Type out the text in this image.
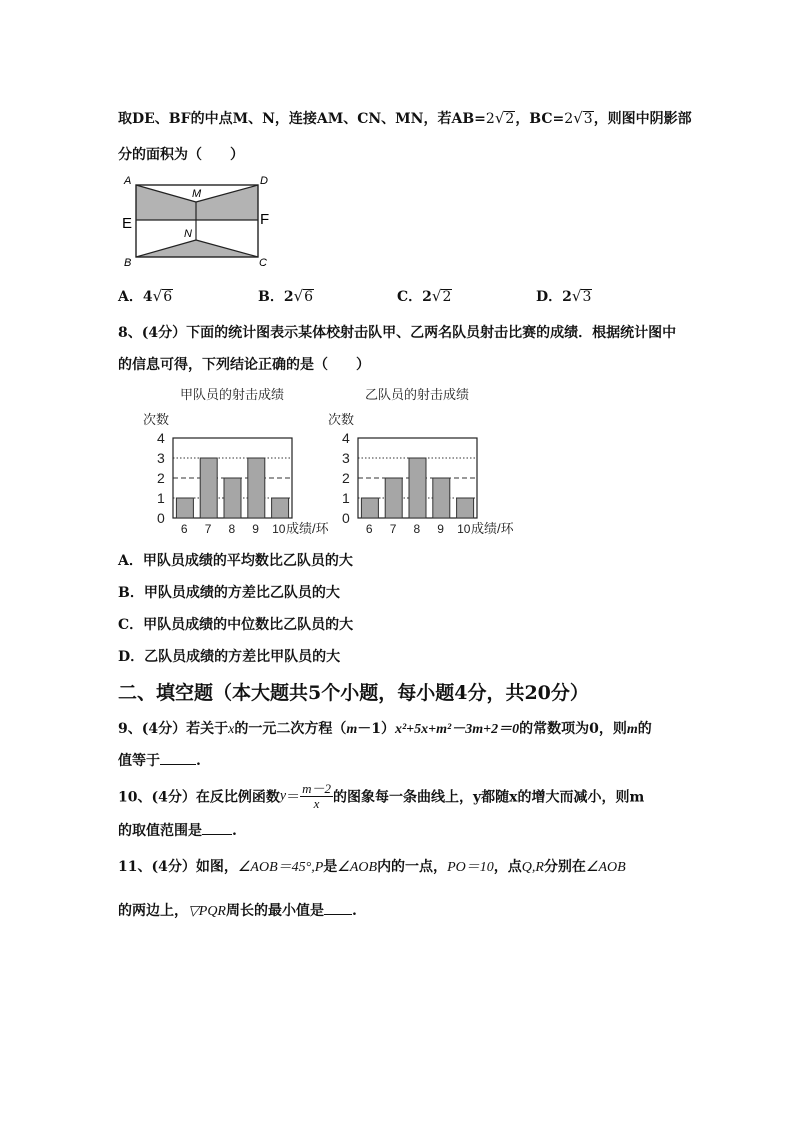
取DE、BF的中点M、N，连接AM、CN、MN，若AB=2√2，BC=2√3，则图中阴影部
分的面积为（　　）
A	D
M
E	F
N
B	C
A．4√6	B．2√6	C．2√2	D．2√3
8、(4分）下面的统计图表示某体校射击队甲、乙两名队员射击比赛的成绩．根据统计图中
的信息可得，下列结论正确的是（　　）
甲队员的射击成绩
次数
0
1
2
3
4
6 7 8 9 10 成绩/环
乙队员的射击成绩
次数
0
1
2
3
4
6 7 8 9 10 成绩/环
A．甲队员成绩的平均数比乙队员的大
B．甲队员成绩的方差比乙队员的大
C．甲队员成绩的中位数比乙队员的大
D．乙队员成绩的方差比甲队员的大
二、填空题（本大题共5个小题，每小题4分，共20分）
9、(4分）若关于x的一元二次方程（m－1）x²+5x+m²－3m+2＝0的常数项为0，则m的
值等于	.
10、(4分）在反比例函数$y= \frac{m-2}{x}$ 的图象每一条曲线上，y都随x的增大而减小，则m
的取值范围是 .
11、(4分）如图，∠AOB＝45°,P是∠AOB内的一点，PO＝10，点Q,R分别在∠AOB
的两边上，▽PQR周长的最小值是 .
